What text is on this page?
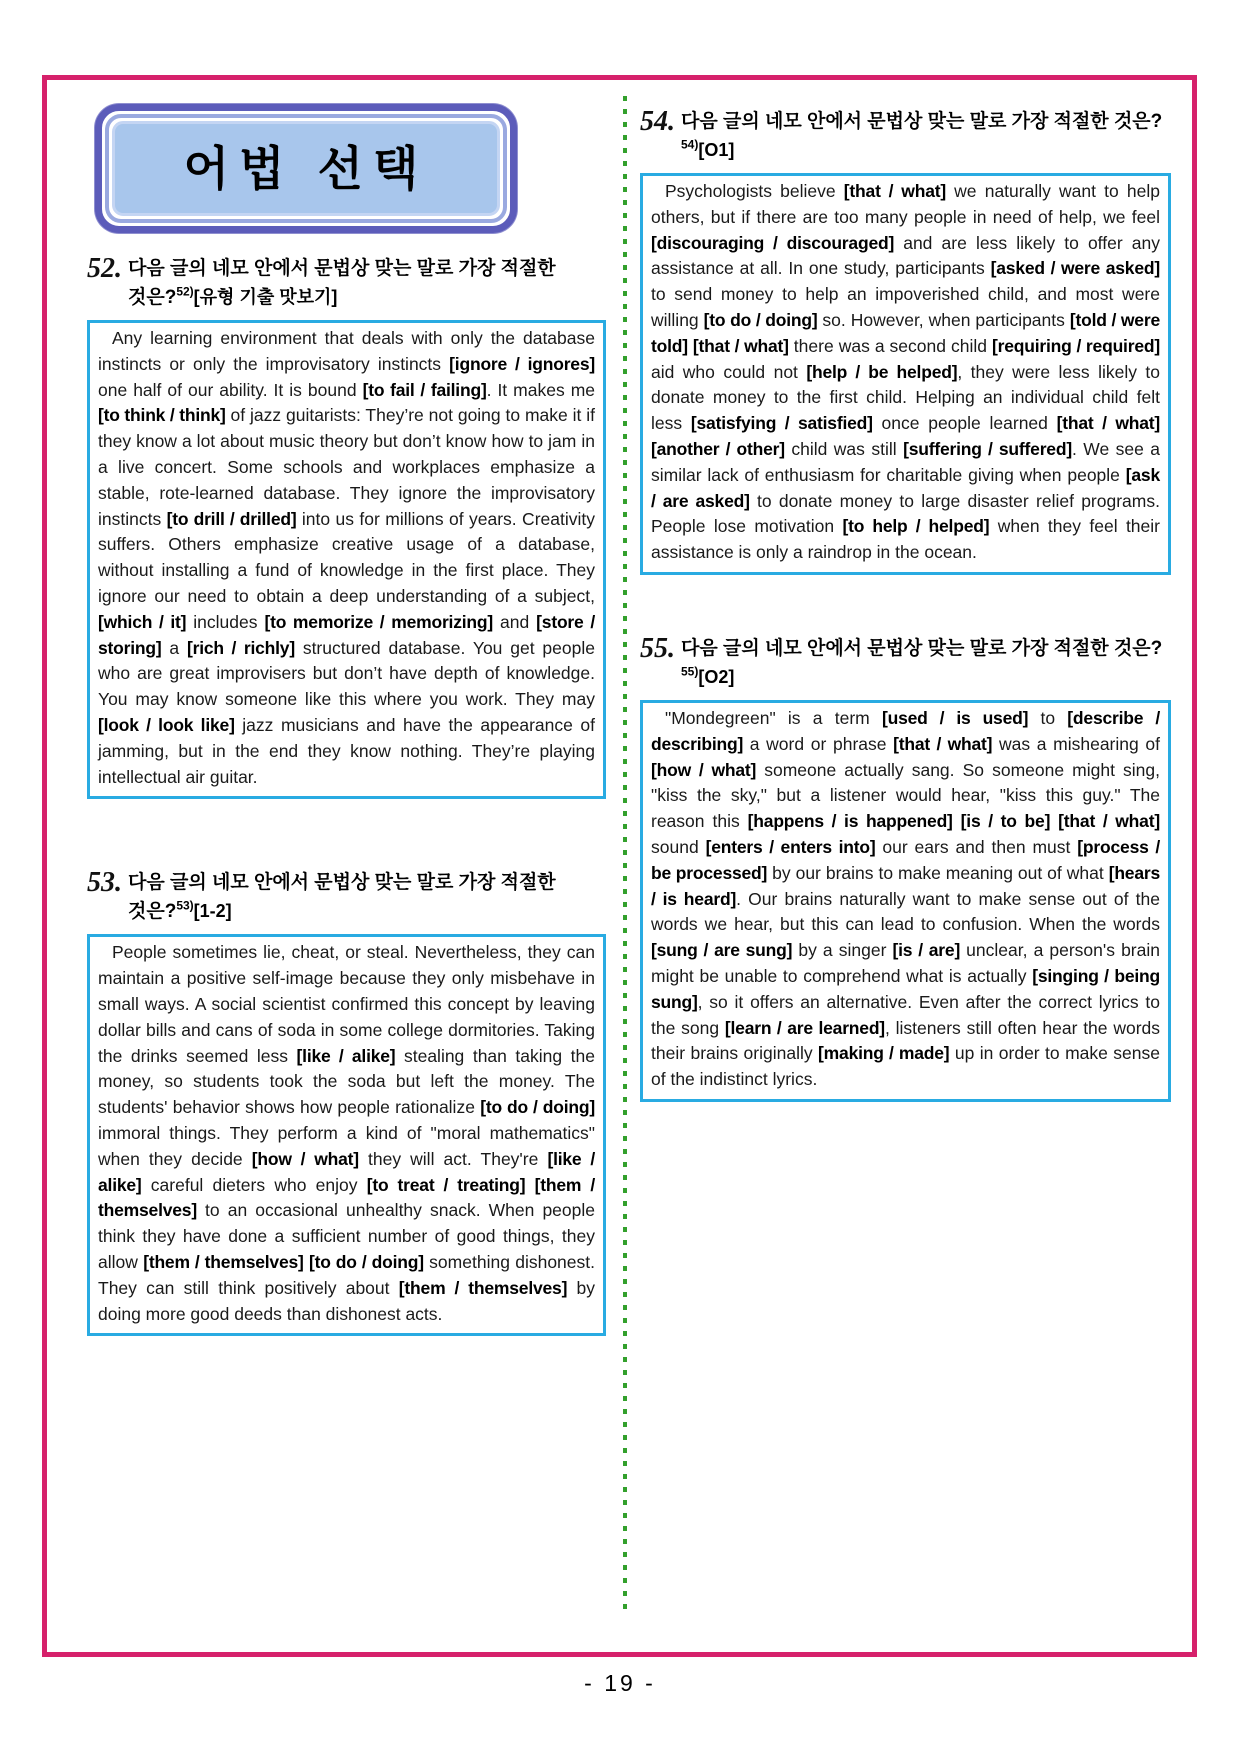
어법 선택
52. 다음 글의 네모 안에서 문법상 맞는 말로 가장 적절한 것은?$^{52)}$[유형 기출 맛보기]

Any learning environment that deals with only the database instincts or only the improvisatory instincts [ignore / ignores] one half of our ability. It is bound [to fail / failing]. It makes me [to think / think] of jazz guitarists: They’re not going to make it if they know a lot about music theory but don’t know how to jam in a live concert. Some schools and workplaces emphasize a stable, rote-learned database. They ignore the improvisatory instincts [to drill / drilled] into us for millions of years. Creativity suffers. Others emphasize creative usage of a database, without installing a fund of knowledge in the first place. They ignore our need to obtain a deep understanding of a subject, [which / it] includes [to memorize / memorizing] and [store / storing] a [rich / richly] structured database. You get people who are great improvisers but don’t have depth of knowledge. You may know someone like this where you work. They may [look / look like] jazz musicians and have the appearance of jamming, but in the end they know nothing. They’re playing intellectual air guitar.

53. 다음 글의 네모 안에서 문법상 맞는 말로 가장 적절한 것은?$^{53)}$[1-2]

People sometimes lie, cheat, or steal. Nevertheless, they can maintain a positive self-image because they only misbehave in small ways. A social scientist confirmed this concept by leaving dollar bills and cans of soda in some college dormitories. Taking the drinks seemed less [like / alike] stealing than taking the money, so students took the soda but left the money. The students' behavior shows how people rationalize [to do / doing] immoral things. They perform a kind of "moral mathematics" when they decide [how / what] they will act. They're [like / alike] careful dieters who enjoy [to treat / treating] [them / themselves] to an occasional unhealthy snack. When people think they have done a sufficient number of good things, they allow [them / themselves] [to do / doing] something dishonest. They can still think positively about [them / themselves] by doing more good deeds than dishonest acts.

54. 다음 글의 네모 안에서 문법상 맞는 말로 가장 적절한 것은?$^{54)}$[O1]

Psychologists believe [that / what] we naturally want to help others, but if there are too many people in need of help, we feel [discouraging / discouraged] and are less likely to offer any assistance at all. In one study, participants [asked / were asked] to send money to help an impoverished child, and most were willing [to do / doing] so. However, when participants [told / were told] [that / what] there was a second child [requiring / required] aid who could not [help / be helped], they were less likely to donate money to the first child. Helping an individual child felt less [satisfying / satisfied] once people learned [that / what] [another / other] child was still [suffering / suffered]. We see a similar lack of enthusiasm for charitable giving when people [ask / are asked] to donate money to large disaster relief programs. People lose motivation [to help / helped] when they feel their assistance is only a raindrop in the ocean.

55. 다음 글의 네모 안에서 문법상 맞는 말로 가장 적절한 것은?$^{55)}$[O2]

"Mondegreen" is a term [used / is used] to [describe / describing] a word or phrase [that / what] was a mishearing of [how / what] someone actually sang. So someone might sing, "kiss the sky," but a listener would hear, "kiss this guy." The reason this [happens / is happened] [is / to be] [that / what] sound [enters / enters into] our ears and then must [process / be processed] by our brains to make meaning out of what [hears / is heard]. Our brains naturally want to make sense out of the words we hear, but this can lead to confusion. When the words [sung / are sung] by a singer [is / are] unclear, a person's brain might be unable to comprehend what is actually [singing / being sung], so it offers an alternative. Even after the correct lyrics to the song [learn / are learned], listeners still often hear the words their brains originally [making / made] up in order to make sense of the indistinct lyrics.

- 19 -
